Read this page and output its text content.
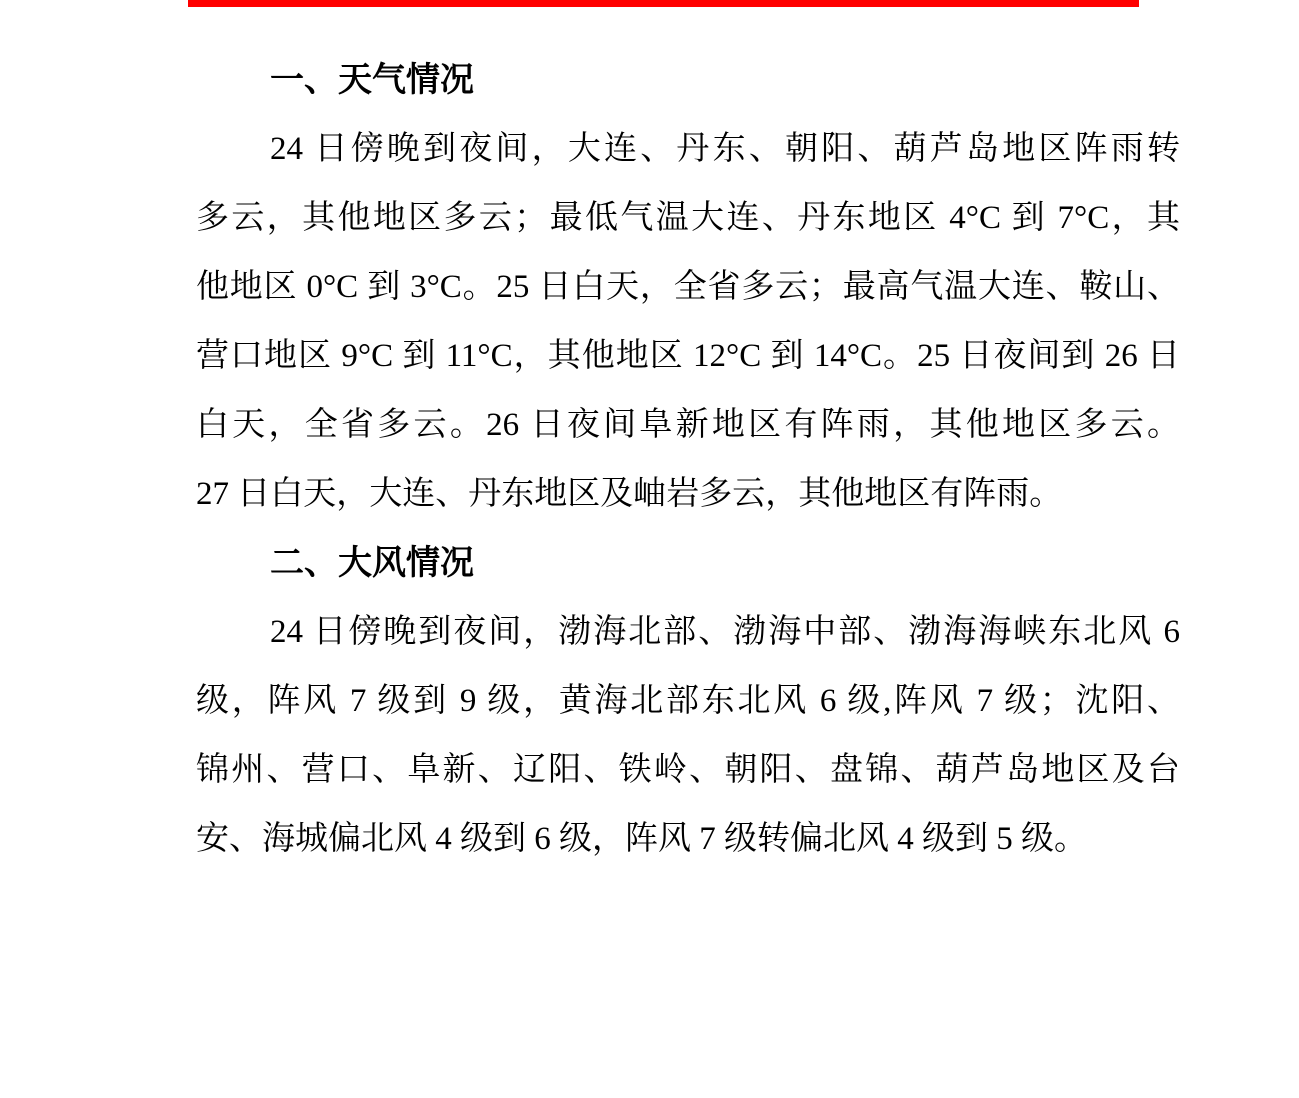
一、天气情况
24 日傍晚到夜间，大连、丹东、朝阳、葫芦岛地区阵雨转
多云，其他地区多云；最低气温大连、丹东地区 4°C 到 7°C，其
他地区 0°C 到 3°C。25 日白天，全省多云；最高气温大连、鞍山、
营口地区 9°C 到 11°C，其他地区 12°C 到 14°C。25 日夜间到 26 日
白天，全省多云。26 日夜间阜新地区有阵雨，其他地区多云。
27 日白天，大连、丹东地区及岫岩多云，其他地区有阵雨。
二、大风情况
24 日傍晚到夜间，渤海北部、渤海中部、渤海海峡东北风 6
级，阵风 7 级到 9 级，黄海北部东北风 6 级,阵风 7 级；沈阳、
锦州、营口、阜新、辽阳、铁岭、朝阳、盘锦、葫芦岛地区及台
安、海城偏北风 4 级到 6 级，阵风 7 级转偏北风 4 级到 5 级。
